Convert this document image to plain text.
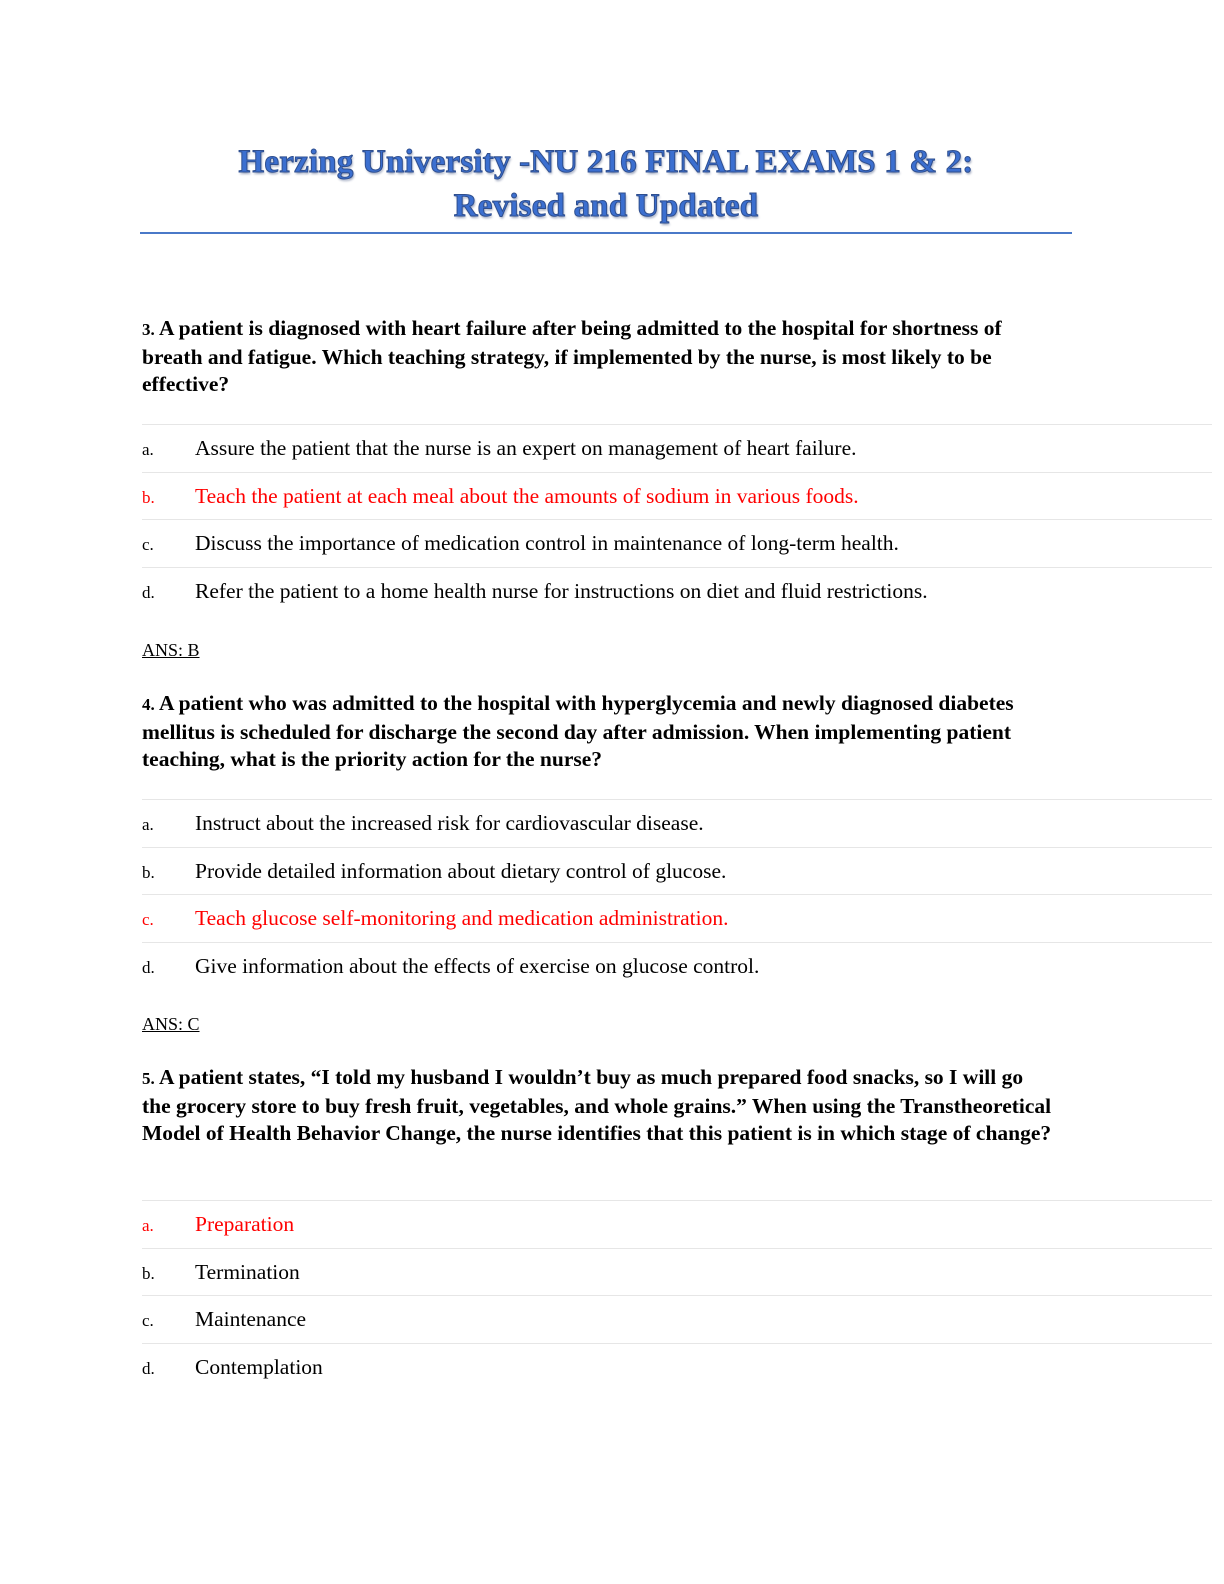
Herzing University -NU 216 FINAL EXAMS 1 & 2:
Revised and Updated
3. A patient is diagnosed with heart failure after being admitted to the hospital for shortness of breath and fatigue. Which teaching strategy, if implemented by the nurse, is most likely to be effective?
a. Assure the patient that the nurse is an expert on management of heart failure.
b. Teach the patient at each meal about the amounts of sodium in various foods.
c. Discuss the importance of medication control in maintenance of long-term health.
d. Refer the patient to a home health nurse for instructions on diet and fluid restrictions.
ANS: B
4. A patient who was admitted to the hospital with hyperglycemia and newly diagnosed diabetes mellitus is scheduled for discharge the second day after admission. When implementing patient teaching, what is the priority action for the nurse?
a. Instruct about the increased risk for cardiovascular disease.
b. Provide detailed information about dietary control of glucose.
c. Teach glucose self-monitoring and medication administration.
d. Give information about the effects of exercise on glucose control.
ANS: C
5. A patient states, “I told my husband I wouldn’t buy as much prepared food snacks, so I will go the grocery store to buy fresh fruit, vegetables, and whole grains.” When using the Transtheoretical Model of Health Behavior Change, the nurse identifies that this patient is in which stage of change?
a. Preparation
b. Termination
c. Maintenance
d. Contemplation
